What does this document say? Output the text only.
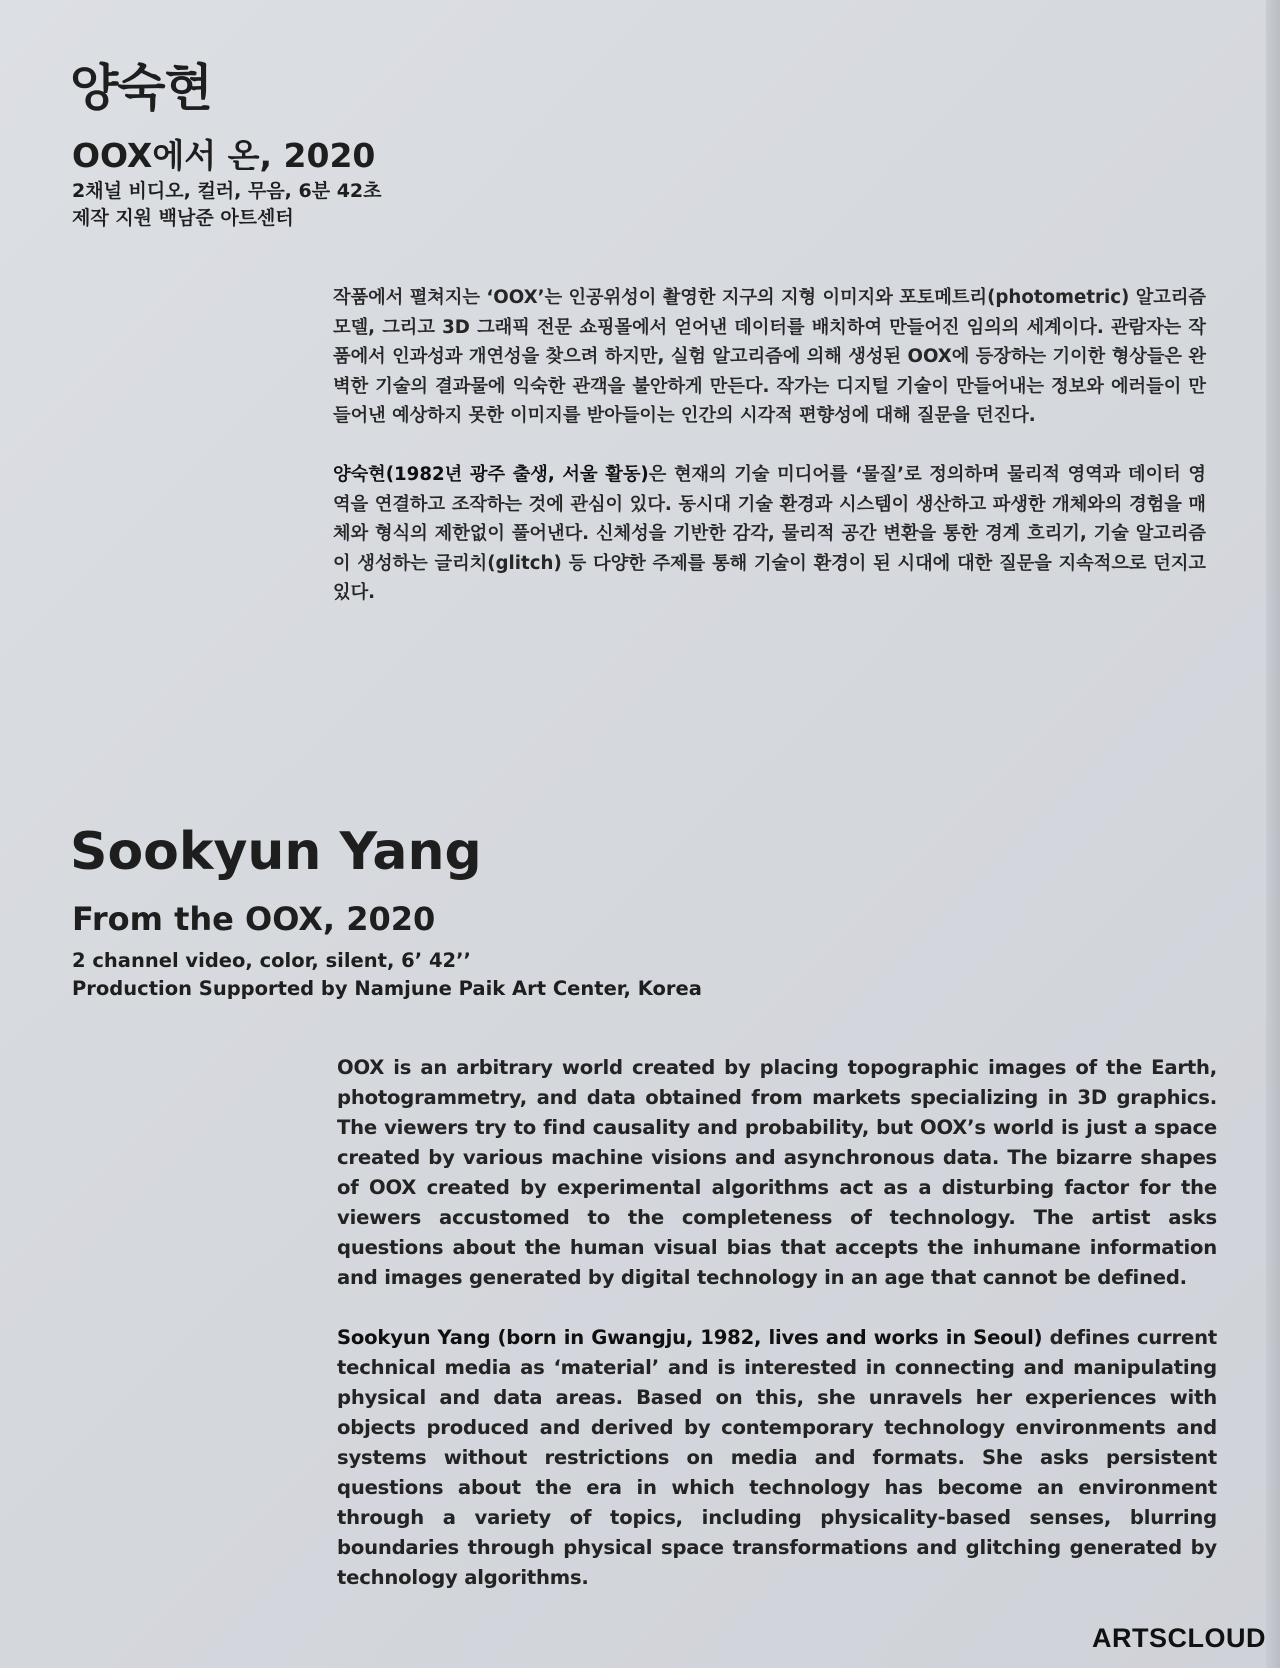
양숙현
OOX에서 온, 2020
2채널 비디오, 컬러, 무음, 6분 42초
제작 지원 백남준 아트센터

작품에서 펼쳐지는 ‘OOX’는 인공위성이 촬영한 지구의 지형 이미지와 포토메트리(photometric) 알고리즘 모델, 그리고 3D 그래픽 전문 쇼핑몰에서 얻어낸 데이터를 배치하여 만들어진 임의의 세계이다. 관람자는 작품에서 인과성과 개연성을 찾으려 하지만, 실험 알고리즘에 의해 생성된 OOX에 등장하는 기이한 형상들은 완벽한 기술의 결과물에 익숙한 관객을 불안하게 만든다. 작가는 디지털 기술이 만들어내는 정보와 에러들이 만들어낸 예상하지 못한 이미지를 받아들이는 인간의 시각적 편향성에 대해 질문을 던진다.

양숙현(1982년 광주 출생, 서울 활동)은 현재의 기술 미디어를 ‘물질’로 정의하며 물리적 영역과 데이터 영역을 연결하고 조작하는 것에 관심이 있다. 동시대 기술 환경과 시스템이 생산하고 파생한 개체와의 경험을 매체와 형식의 제한없이 풀어낸다. 신체성을 기반한 감각, 물리적 공간 변환을 통한 경계 흐리기, 기술 알고리즘이 생성하는 글리치(glitch) 등 다양한 주제를 통해 기술이 환경이 된 시대에 대한 질문을 지속적으로 던지고 있다.

Sookyun Yang
From the OOX, 2020
2 channel video, color, silent, 6’ 42’’
Production Supported by Namjune Paik Art Center, Korea

OOX is an arbitrary world created by placing topographic images of the Earth, photogrammetry, and data obtained from markets specializing in 3D graphics. The viewers try to find causality and probability, but OOX’s world is just a space created by various machine visions and asynchronous data. The bizarre shapes of OOX created by experimental algorithms act as a disturbing factor for the viewers accustomed to the completeness of technology. The artist asks questions about the human visual bias that accepts the inhumane information and images generated by digital technology in an age that cannot be defined.

Sookyun Yang (born in Gwangju, 1982, lives and works in Seoul) defines current technical media as ‘material’ and is interested in connecting and manipulating physical and data areas. Based on this, she unravels her experiences with objects produced and derived by contemporary technology environments and systems without restrictions on media and formats. She asks persistent questions about the era in which technology has become an environment through a variety of topics, including physicality-based senses, blurring boundaries through physical space transformations and glitching generated by technology algorithms.

ARTSCLOUD
